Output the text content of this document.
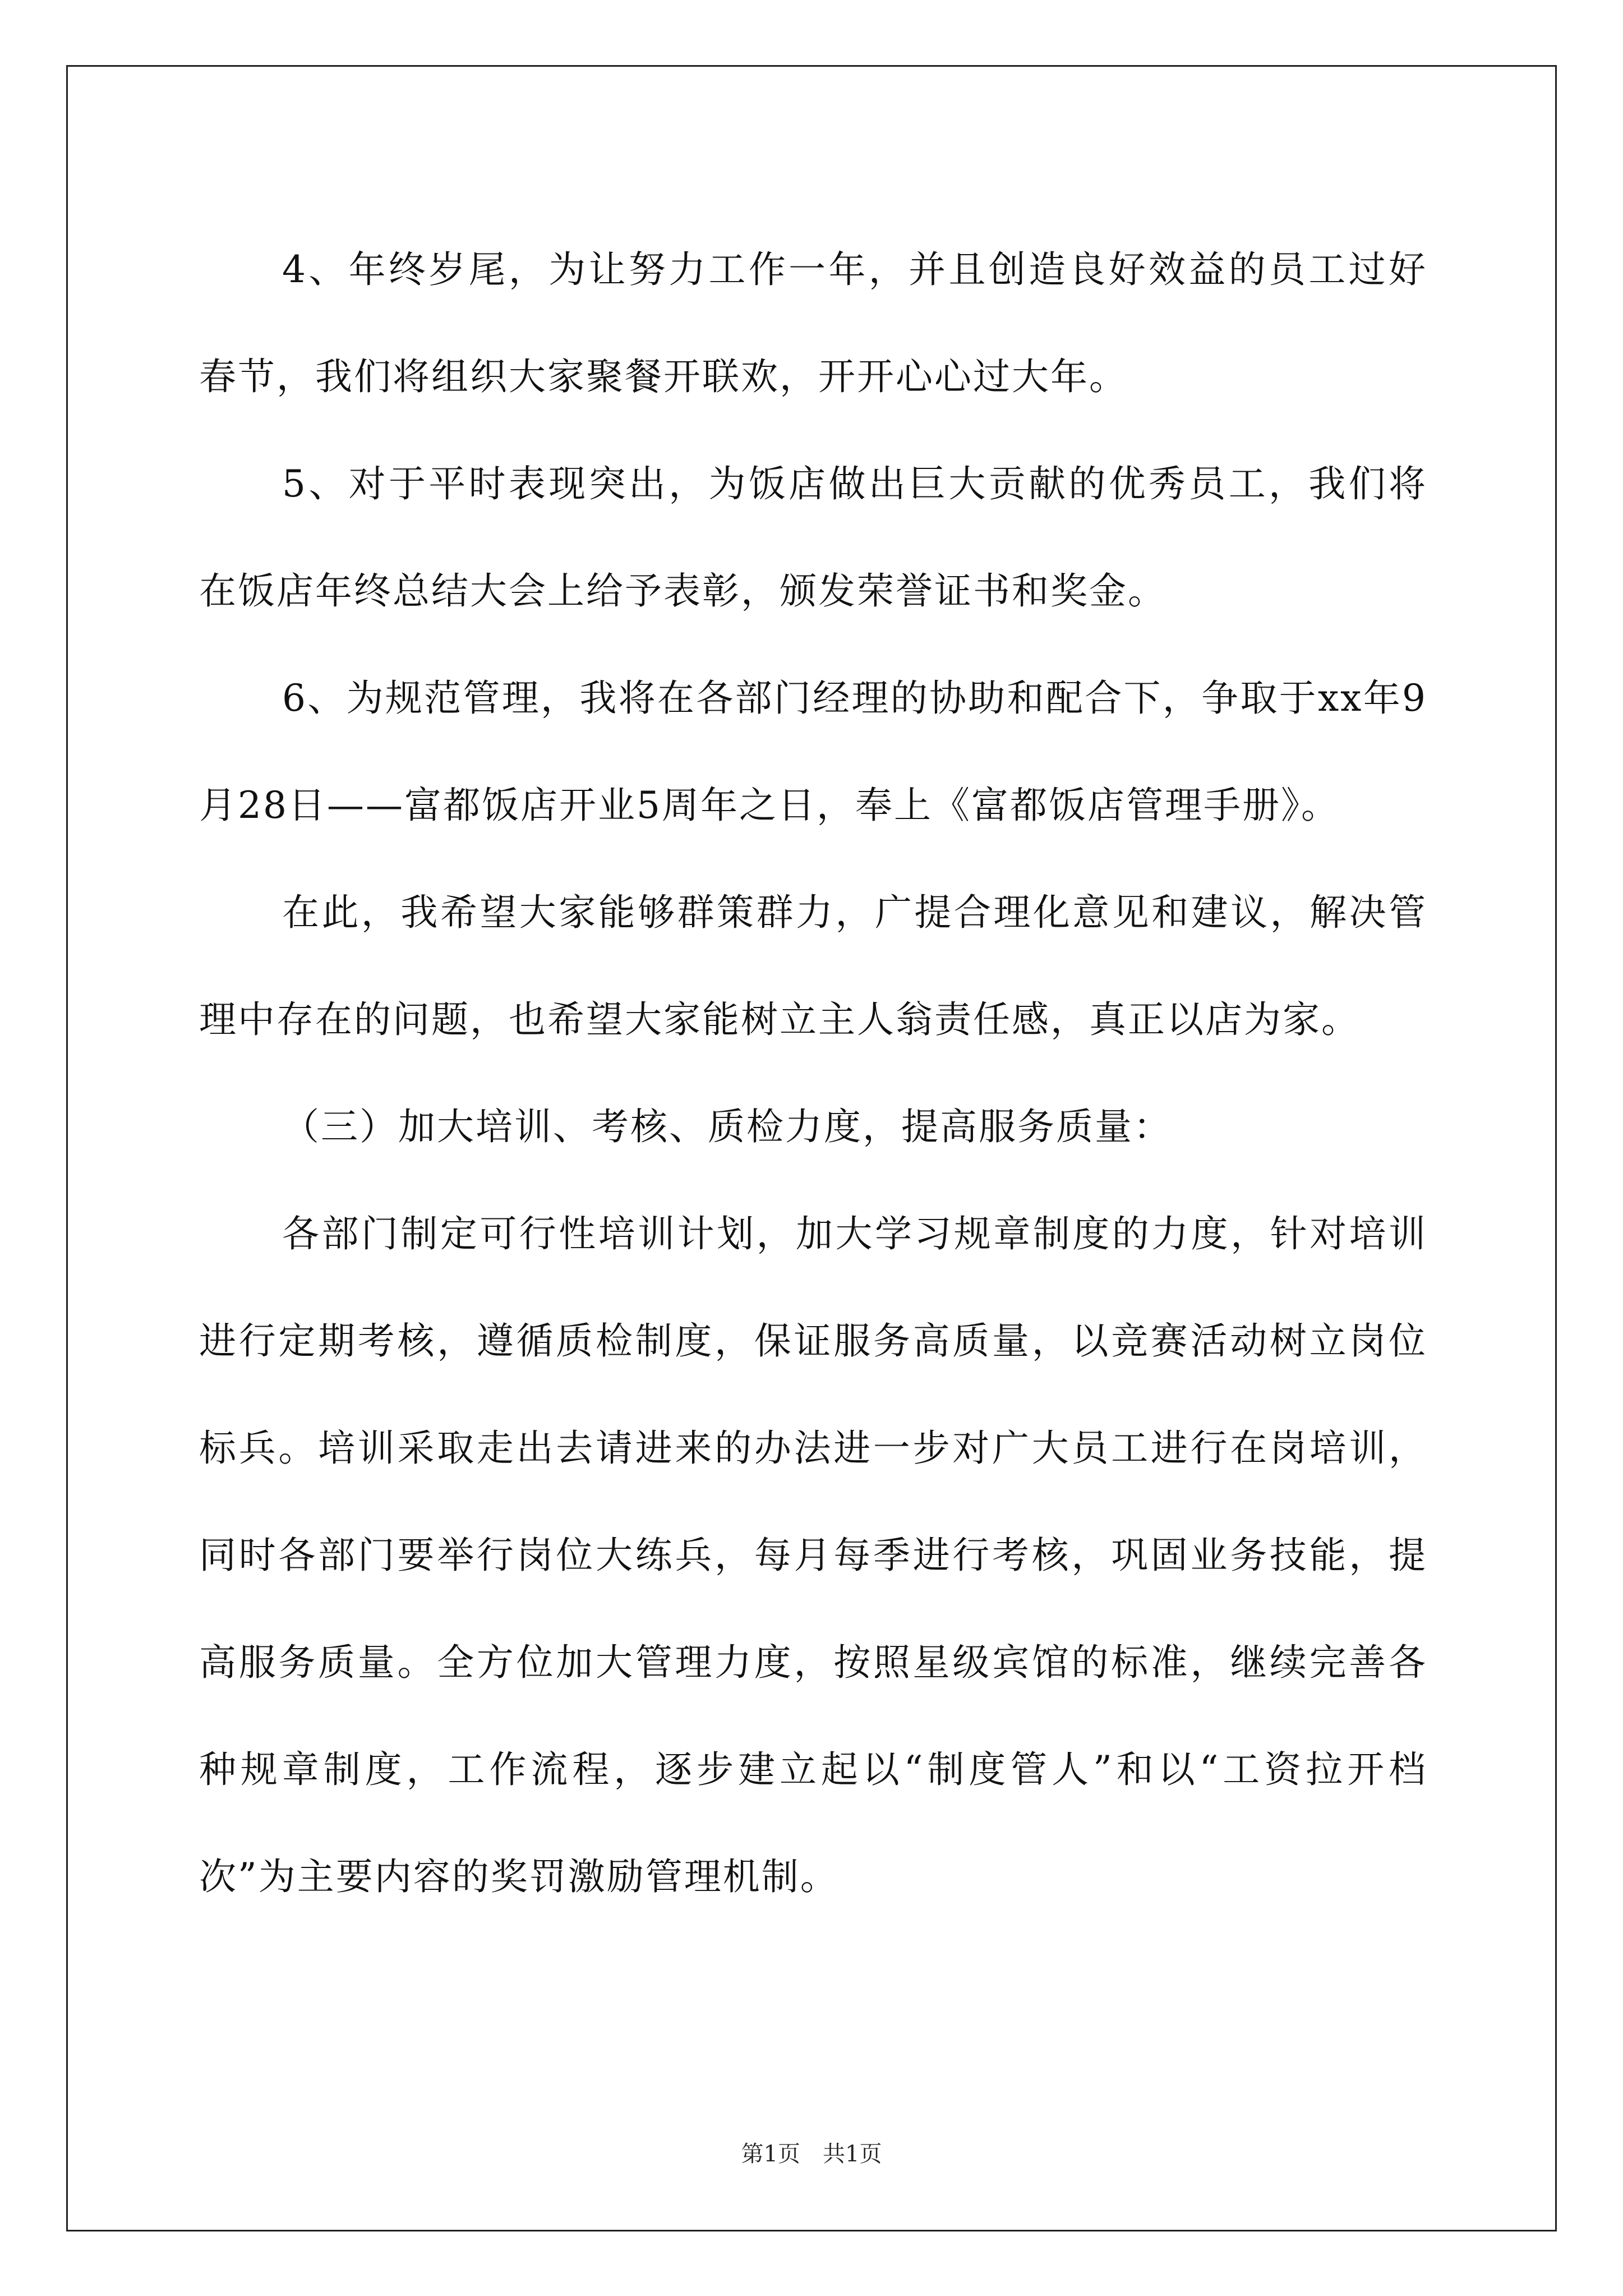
4、年终岁尾，为让努力工作一年，并且创造良好效益的员工过好春节，我们将组织大家聚餐开联欢，开开心心过大年。

5、对于平时表现突出，为饭店做出巨大贡献的优秀员工，我们将在饭店年终总结大会上给予表彰，颁发荣誉证书和奖金。

6、为规范管理，我将在各部门经理的协助和配合下，争取于xx年9月28日——富都饭店开业5周年之日，奉上《富都饭店管理手册》。

在此，我希望大家能够群策群力，广提合理化意见和建议，解决管理中存在的问题，也希望大家能树立主人翁责任感，真正以店为家。

（三）加大培训、考核、质检力度，提高服务质量：

各部门制定可行性培训计划，加大学习规章制度的力度，针对培训进行定期考核，遵循质检制度，保证服务高质量，以竞赛活动树立岗位标兵。培训采取走出去请进来的办法进一步对广大员工进行在岗培训，同时各部门要举行岗位大练兵，每月每季进行考核，巩固业务技能，提高服务质量。全方位加大管理力度，按照星级宾馆的标准，继续完善各种规章制度，工作流程，逐步建立起以“制度管人”和以“工资拉开档次”为主要内容的奖罚激励管理机制。

第1页 共1页
